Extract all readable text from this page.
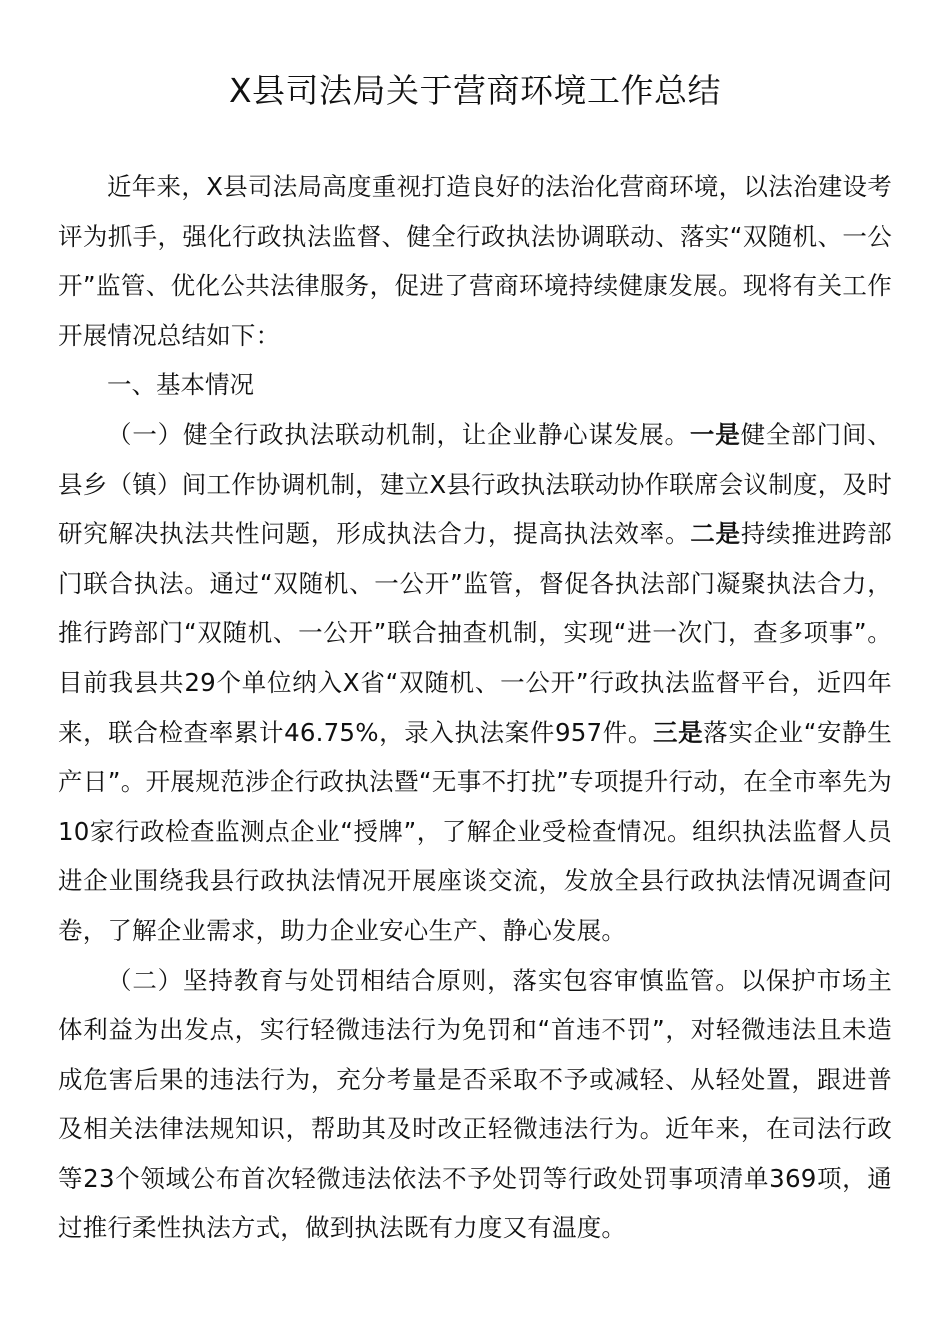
X县司法局关于营商环境工作总结

近年来，X县司法局高度重视打造良好的法治化营商环境，以法治建设考评为抓手，强化行政执法监督、健全行政执法协调联动、落实“双随机、一公开”监管、优化公共法律服务，促进了营商环境持续健康发展。现将有关工作开展情况总结如下：

一、基本情况

（一）健全行政执法联动机制，让企业静心谋发展。一是健全部门间、县乡（镇）间工作协调机制，建立X县行政执法联动协作联席会议制度，及时研究解决执法共性问题，形成执法合力，提高执法效率。二是持续推进跨部门联合执法。通过“双随机、一公开”监管，督促各执法部门凝聚执法合力，推行跨部门“双随机、一公开”联合抽查机制，实现“进一次门，查多项事”。目前我县共29个单位纳入X省“双随机、一公开”行政执法监督平台，近四年来，联合检查率累计46.75%，录入执法案件957件。三是落实企业“安静生产日”。开展规范涉企行政执法暨“无事不打扰”专项提升行动，在全市率先为10家行政检查监测点企业“授牌”，了解企业受检查情况。组织执法监督人员进企业围绕我县行政执法情况开展座谈交流，发放全县行政执法情况调查问卷，了解企业需求，助力企业安心生产、静心发展。

（二）坚持教育与处罚相结合原则，落实包容审慎监管。以保护市场主体利益为出发点，实行轻微违法行为免罚和“首违不罚”，对轻微违法且未造成危害后果的违法行为，充分考量是否采取不予或减轻、从轻处置，跟进普及相关法律法规知识，帮助其及时改正轻微违法行为。近年来，在司法行政等23个领域公布首次轻微违法依法不予处罚等行政处罚事项清单369项，通过推行柔性执法方式，做到执法既有力度又有温度。
